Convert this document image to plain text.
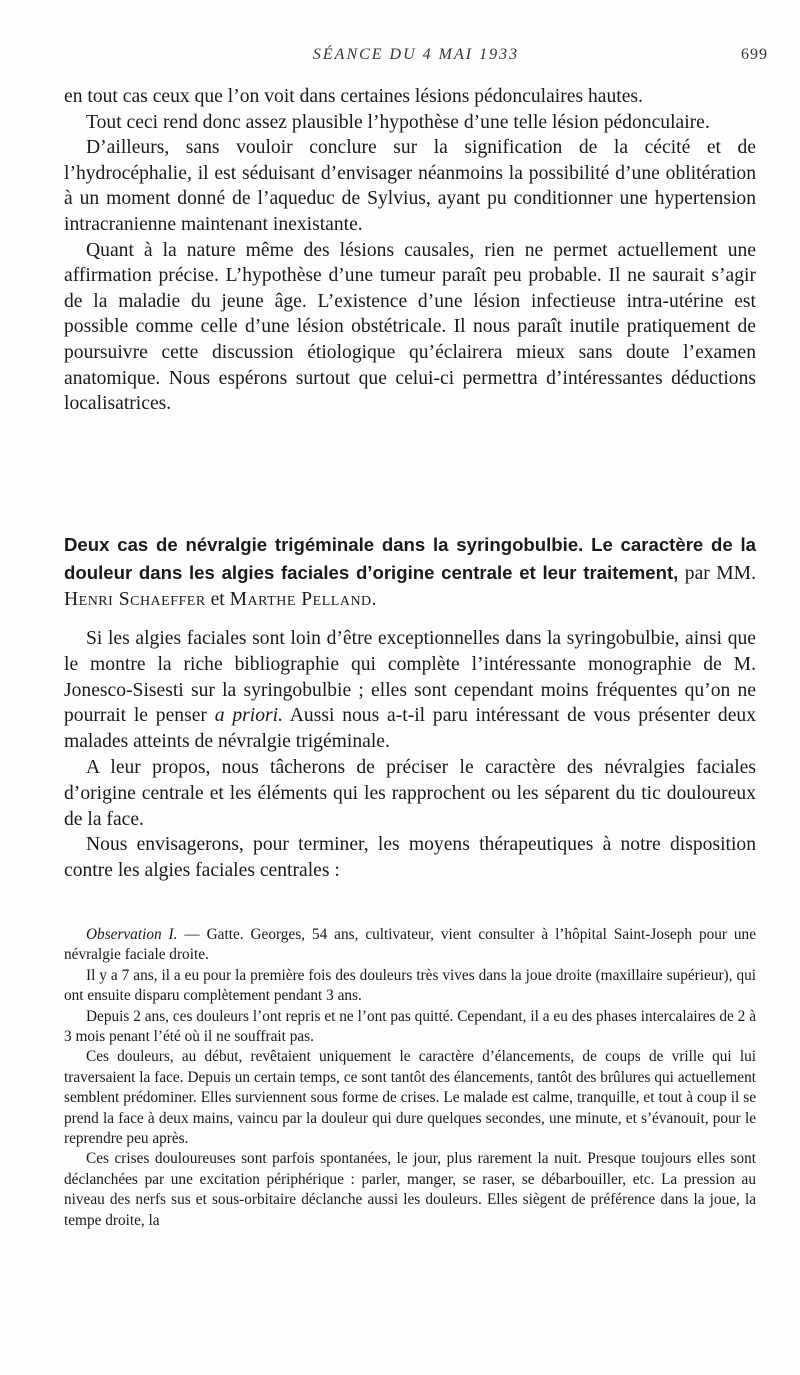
SÉANCE DU 4 MAI 1933	699

en tout cas ceux que l’on voit dans certaines lésions pédonculaires hautes.

Tout ceci rend donc assez plausible l’hypothèse d’une telle lésion pédonculaire.

D’ailleurs, sans vouloir conclure sur la signification de la cécité et de l’hydrocéphalie, il est séduisant d’envisager néanmoins la possibilité d’une oblitération à un moment donné de l’aqueduc de Sylvius, ayant pu conditionner une hypertension intracranienne maintenant inexistante.

Quant à la nature même des lésions causales, rien ne permet actuellement une affirmation précise. L’hypothèse d’une tumeur paraît peu probable. Il ne saurait s’agir de la maladie du jeune âge. L’existence d’une lésion infectieuse intra-utérine est possible comme celle d’une lésion obstétricale. Il nous paraît inutile pratiquement de poursuivre cette discussion étiologique qu’éclairera mieux sans doute l’examen anatomique. Nous espérons surtout que celui-ci permettra d’intéressantes déductions localisatrices.

Deux cas de névralgie trigéminale dans la syringobulbie. Le caractère de la douleur dans les algies faciales d’origine centrale et leur traitement, par MM. Henri Schaeffer et Marthe Pelland.

Si les algies faciales sont loin d’être exceptionnelles dans la syringobulbie, ainsi que le montre la riche bibliographie qui complète l’intéressante monographie de M. Jonesco-Sisesti sur la syringobulbie ; elles sont cependant moins fréquentes qu’on ne pourrait le penser a priori. Aussi nous a-t-il paru intéressant de vous présenter deux malades atteints de névralgie trigéminale.

A leur propos, nous tâcherons de préciser le caractère des névralgies faciales d’origine centrale et les éléments qui les rapprochent ou les séparent du tic douloureux de la face.

Nous envisagerons, pour terminer, les moyens thérapeutiques à notre disposition contre les algies faciales centrales :

Observation I. — Gatte. Georges, 54 ans, cultivateur, vient consulter à l’hôpital Saint-Joseph pour une névralgie faciale droite.

Il y a 7 ans, il a eu pour la première fois des douleurs très vives dans la joue droite (maxillaire supérieur), qui ont ensuite disparu complètement pendant 3 ans.

Depuis 2 ans, ces douleurs l’ont repris et ne l’ont pas quitté. Cependant, il a eu des phases intercalaires de 2 à 3 mois penant l’été où il ne souffrait pas.

Ces douleurs, au début, revêtaient uniquement le caractère d’élancements, de coups de vrille qui lui traversaient la face. Depuis un certain temps, ce sont tantôt des élancements, tantôt des brûlures qui actuellement semblent prédominer. Elles surviennent sous forme de crises. Le malade est calme, tranquille, et tout à coup il se prend la face à deux mains, vaincu par la douleur qui dure quelques secondes, une minute, et s’évanouit, pour le reprendre peu après.

Ces crises douloureuses sont parfois spontanées, le jour, plus rarement la nuit. Presque toujours elles sont déclanchées par une excitation périphérique : parler, manger, se raser, se débarbouiller, etc. La pression au niveau des nerfs sus et sous-orbitaire déclanche aussi les douleurs. Elles siègent de préférence dans la joue, la tempe droite, la
